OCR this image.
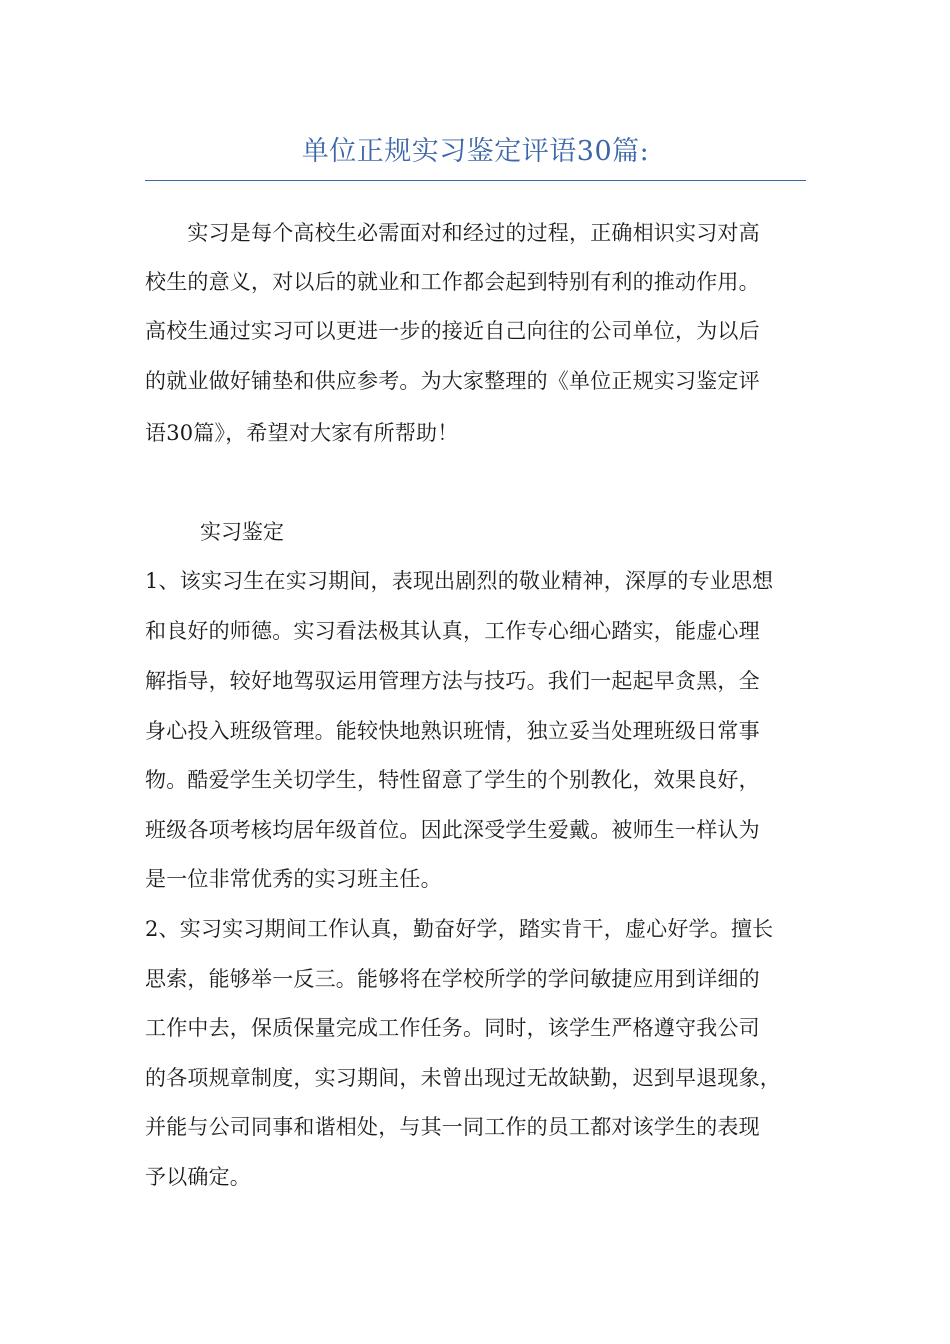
单位正规实习鉴定评语30篇:
　　实习是每个高校生必需面对和经过的过程，正确相识实习对高
校生的意义，对以后的就业和工作都会起到特别有利的推动作用。
高校生通过实习可以更进一步的接近自己向往的公司单位，为以后
的就业做好铺垫和供应参考。为大家整理的《单位正规实习鉴定评
语30篇》，希望对大家有所帮助！
实习鉴定
1、该实习生在实习期间，表现出剧烈的敬业精神，深厚的专业思想
和良好的师德。实习看法极其认真，工作专心细心踏实，能虚心理
解指导，较好地驾驭运用管理方法与技巧。我们一起起早贪黑，全
身心投入班级管理。能较快地熟识班情，独立妥当处理班级日常事
物。酷爱学生关切学生，特性留意了学生的个别教化，效果良好，
班级各项考核均居年级首位。因此深受学生爱戴。被师生一样认为
是一位非常优秀的实习班主任。
2、实习实习期间工作认真，勤奋好学，踏实肯干，虚心好学。擅长
思索，能够举一反三。能够将在学校所学的学问敏捷应用到详细的
工作中去，保质保量完成工作任务。同时，该学生严格遵守我公司
的各项规章制度，实习期间，未曾出现过无故缺勤，迟到早退现象，
并能与公司同事和谐相处，与其一同工作的员工都对该学生的表现
予以确定。
